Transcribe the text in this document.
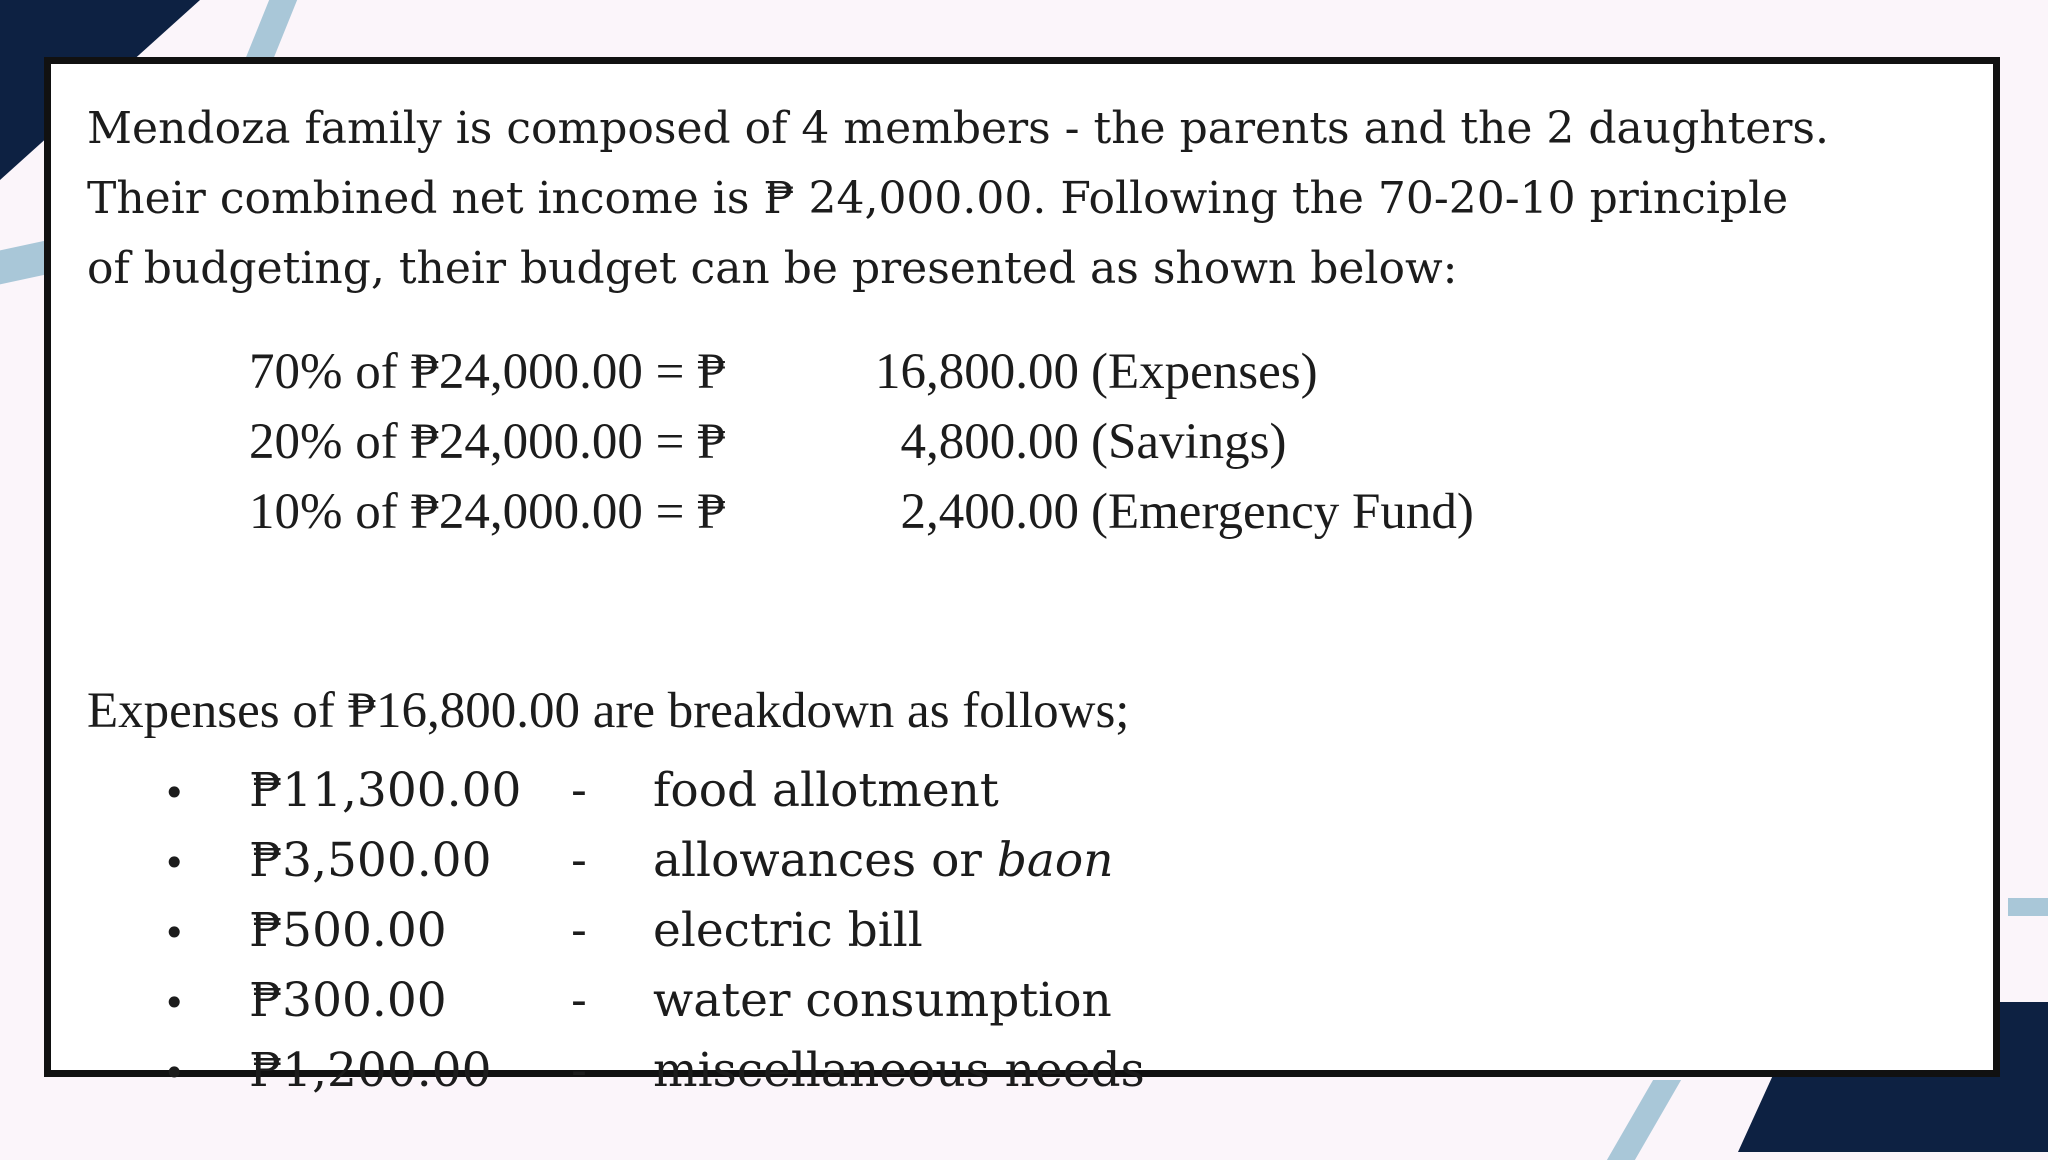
Mendoza family is composed of 4 members - the parents and the 2 daughters.
Their combined net income is ₱ 24,000.00. Following the 70-20-10 principle
of budgeting, their budget can be presented as shown below:
70% of ₱24,000.00 = ₱	16,800.00 (Expenses)
20% of ₱24,000.00 = ₱	4,800.00 (Savings)
10% of ₱24,000.00 = ₱	2,400.00 (Emergency Fund)
Expenses of ₱16,800.00 are breakdown as follows;
•	₱11,300.00	-	food allotment
•	₱3,500.00	-	allowances or baon
•	₱500.00	-	electric bill
•	₱300.00	-	water consumption
•	₱1,200.00	-	miscellaneous needs
